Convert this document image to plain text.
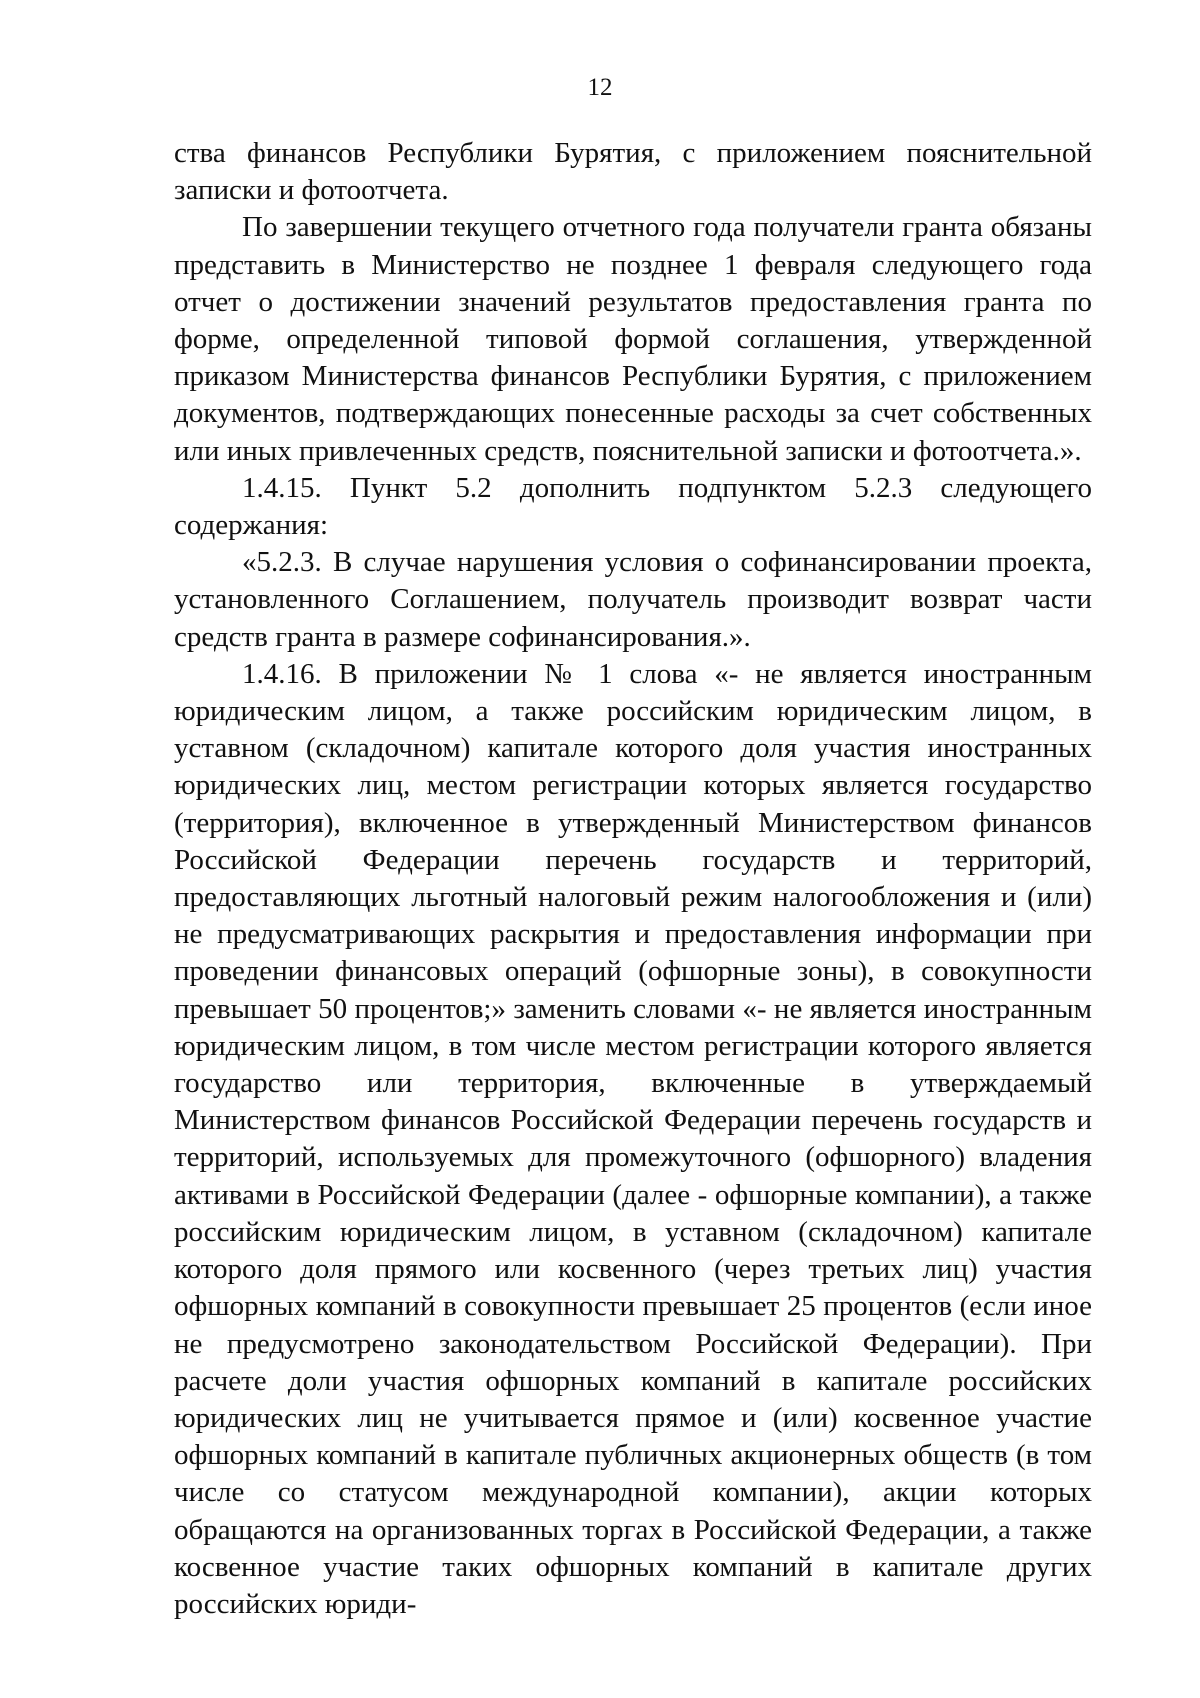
12

ства финансов Республики Бурятия, с приложением пояснительной записки и фотоотчета.

По завершении текущего отчетного года получатели гранта обязаны представить в Министерство не позднее 1 февраля следующего года отчет о достижении значений результатов предоставления гранта по форме, определенной типовой формой соглашения, утвержденной приказом Министерства финансов Республики Бурятия, с приложением документов, подтверждающих понесенные расходы за счет собственных или иных привлеченных средств, пояснительной записки и фотоотчета.».

1.4.15. Пункт 5.2 дополнить подпунктом 5.2.3 следующего содержания:

«5.2.3. В случае нарушения условия о софинансировании проекта, установленного Соглашением, получатель производит возврат части средств гранта в размере софинансирования.».

1.4.16. В приложении № 1 слова «- не является иностранным юридическим лицом, а также российским юридическим лицом, в уставном (складочном) капитале которого доля участия иностранных юридических лиц, местом регистрации которых является государство (территория), включенное в утвержденный Министерством финансов Российской Федерации перечень государств и территорий, предоставляющих льготный налоговый режим налогообложения и (или) не предусматривающих раскрытия и предоставления информации при проведении финансовых операций (офшорные зоны), в совокупности превышает 50 процентов;» заменить словами «- не является иностранным юридическим лицом, в том числе местом регистрации которого является государство или территория, включенные в утверждаемый Министерством финансов Российской Федерации перечень государств и территорий, используемых для промежуточного (офшорного) владения активами в Российской Федерации (далее - офшорные компании), а также российским юридическим лицом, в уставном (складочном) капитале которого доля прямого или косвенного (через третьих лиц) участия офшорных компаний в совокупности превышает 25 процентов (если иное не предусмотрено законодательством Российской Федерации). При расчете доли участия офшорных компаний в капитале российских юридических лиц не учитывается прямое и (или) косвенное участие офшорных компаний в капитале публичных акционерных обществ (в том числе со статусом международной компании), акции которых обращаются на организованных торгах в Российской Федерации, а также косвенное участие таких офшорных компаний в капитале других российских юриди-
